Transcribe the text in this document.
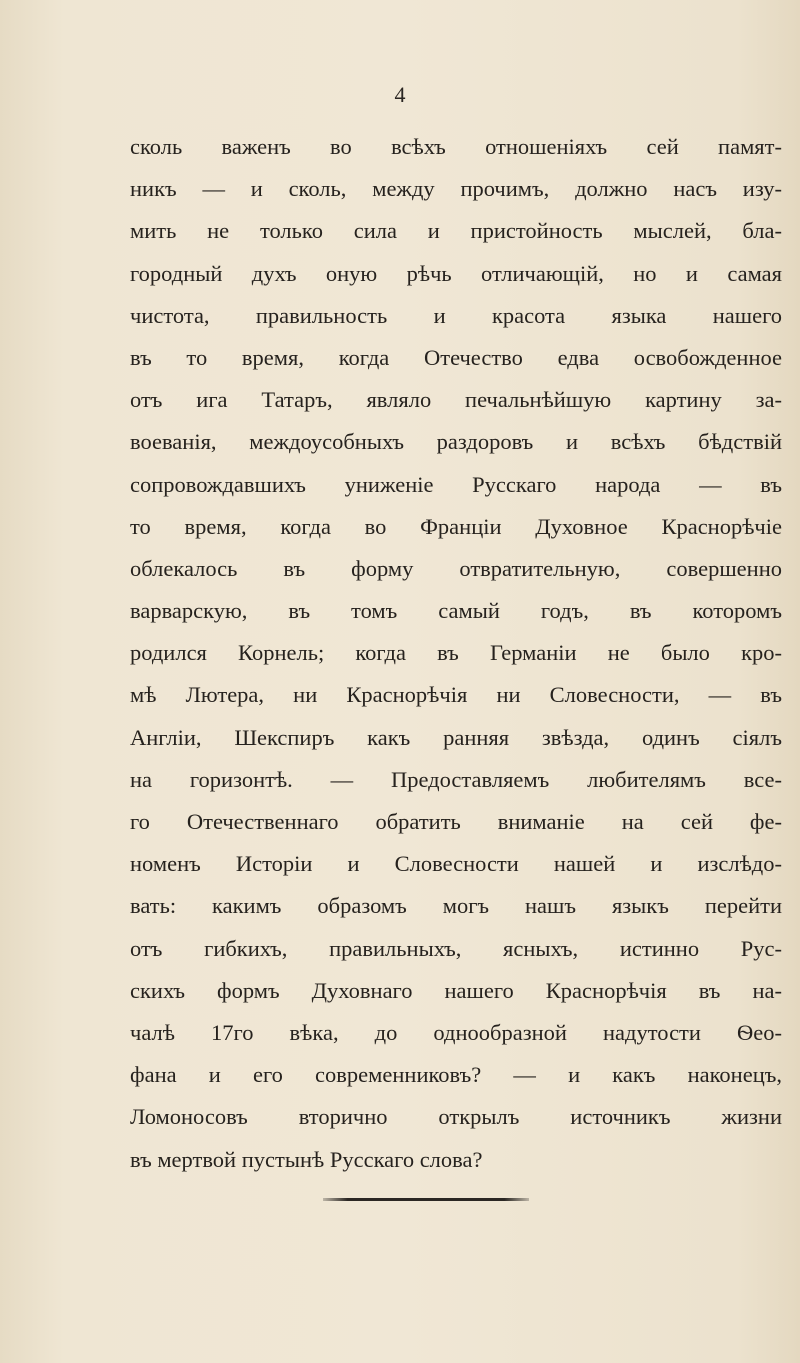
4
сколь важенъ во всѣхъ отношеніяхъ сей памят-
никъ — и сколь, между прочимъ, должно насъ изу-
мить не только сила и пристойность мыслей, бла-
городный духъ оную рѣчь отличающій, но и самая
чистота, правильность и красота языка нашего
въ то время, когда Отечество едва освобожденное
отъ ига Татаръ, являло печальнѣйшую картину за-
воеванія, междоусобныхъ раздоровъ и всѣхъ бѣдствій
сопровождавшихъ униженіе Русскаго народа — въ
то время, когда во Франціи Духовное Краснорѣчіе
облекалось въ форму отвратительную, совершенно
варварскую, въ томъ самый годъ, въ которомъ
родился Корнель; когда въ Германіи не было кро-
мѣ Лютера, ни Краснорѣчія ни Словесности, — въ
Англіи, Шекспиръ какъ ранняя звѣзда, одинъ сіялъ
на горизонтѣ. — Предоставляемъ любителямъ все-
го Отечественнаго обратить вниманіе на сей фе-
номенъ Исторіи и Словесности нашей и изслѣдо-
вать: какимъ образомъ могъ нашъ языкъ перейти
отъ гибкихъ, правильныхъ, ясныхъ, истинно Рус-
скихъ формъ Духовнаго нашего Краснорѣчія въ на-
чалѣ 17го вѣка, до однообразной надутости Ѳео-
фана и его современниковъ? — и какъ наконецъ,
Ломоносовъ вторично открылъ источникъ жизни
въ мертвой пустынѣ Русскаго слова?
